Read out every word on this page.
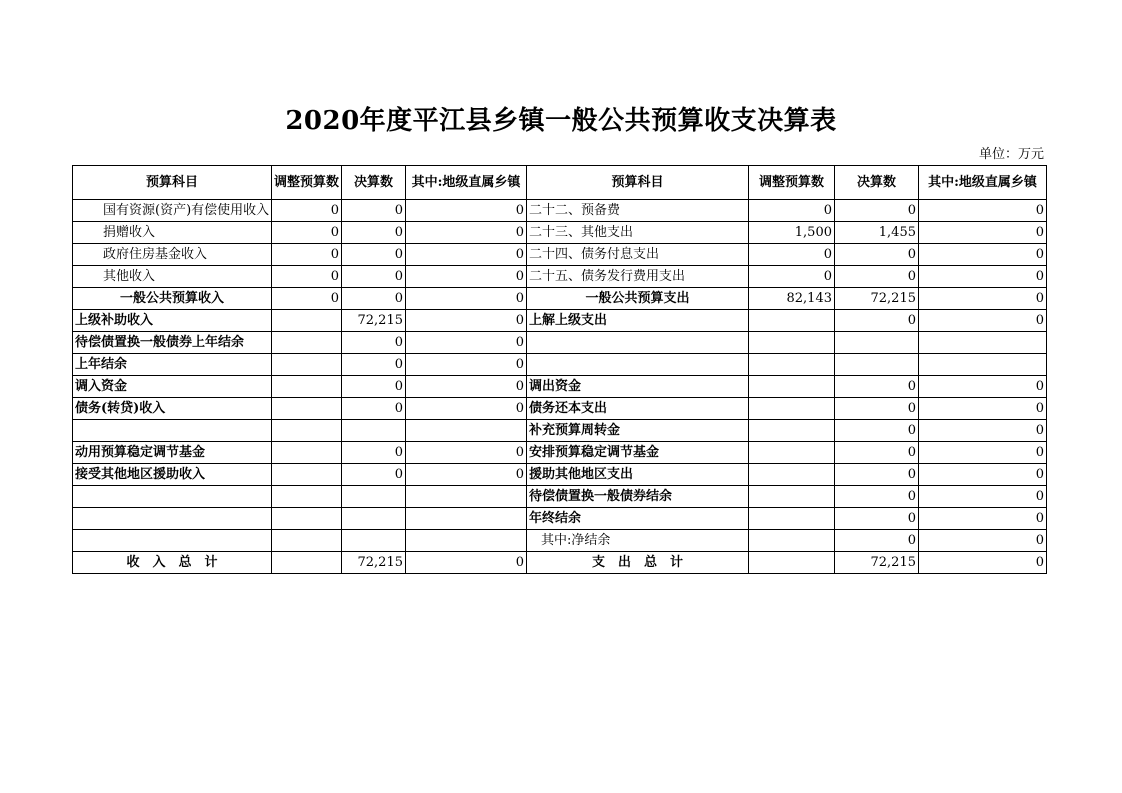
2020年度平江县乡镇一般公共预算收支决算表
单位：万元
预算科目	调整预算数	决算数	其中:地级直属乡镇	预算科目	调整预算数	决算数	其中:地级直属乡镇
国有资源(资产)有偿使用收入	0	0	0	二十二、预备费	0	0	0
捐赠收入	0	0	0	二十三、其他支出	1,500	1,455	0
政府住房基金收入	0	0	0	二十四、债务付息支出	0	0	0
其他收入	0	0	0	二十五、债务发行费用支出	0	0	0
一般公共预算收入	0	0	0	一般公共预算支出	82,143	72,215	0
上级补助收入		72,215	0	上解上级支出		0	0
待偿债置换一般债券上年结余		0	0				
上年结余		0	0				
调入资金		0	0	调出资金		0	0
债务(转贷)收入		0	0	债务还本支出		0	0
				补充预算周转金		0	0
动用预算稳定调节基金		0	0	安排预算稳定调节基金		0	0
接受其他地区援助收入		0	0	援助其他地区支出		0	0
				待偿债置换一般债券结余		0	0
				年终结余		0	0
				其中:净结余		0	0
收　入　总　计		72,215	0	支　出　总　计		72,215	0
